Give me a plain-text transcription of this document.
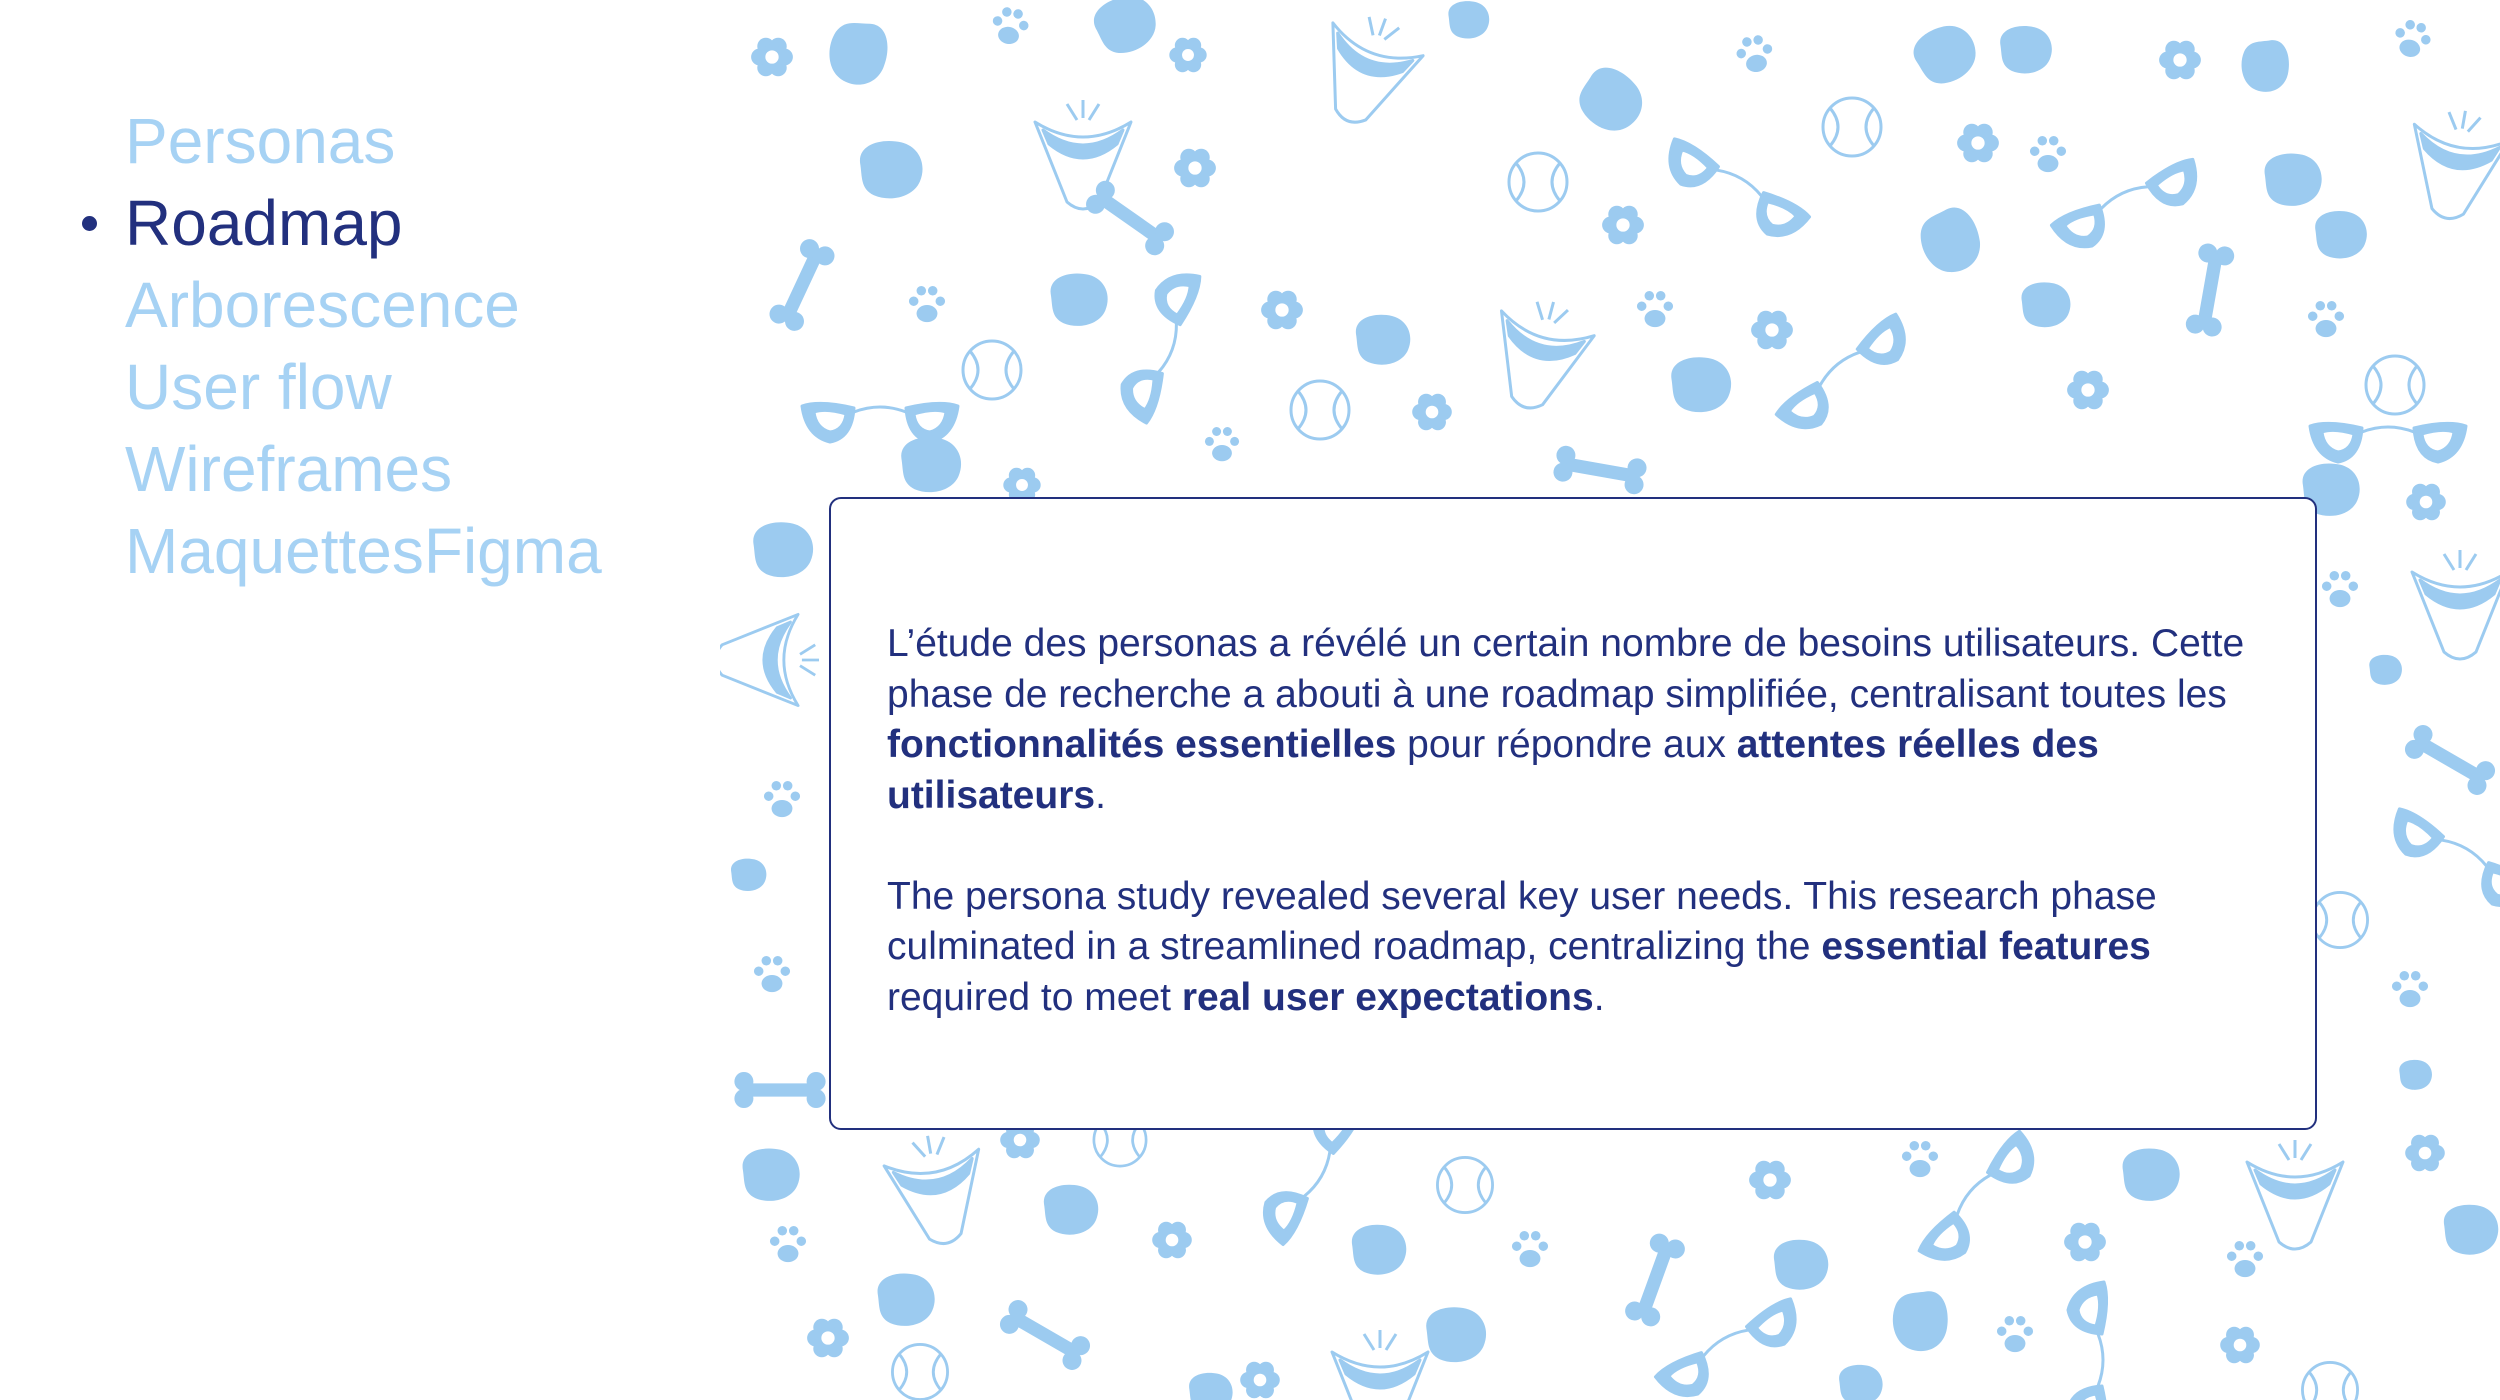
Personas
Roadmap
Arborescence
User flow
Wireframes
MaquettesFigma

L’étude des personas a révélé un certain nombre de besoins utilisateurs. Cette phase de recherche a abouti à une roadmap simplifiée, centralisant toutes les fonctionnalités essentielles pour répondre aux attentes réelles des utilisateurs.

The persona study revealed several key user needs. This research phase culminated in a streamlined roadmap, centralizing the essential features required to meet real user expectations.
